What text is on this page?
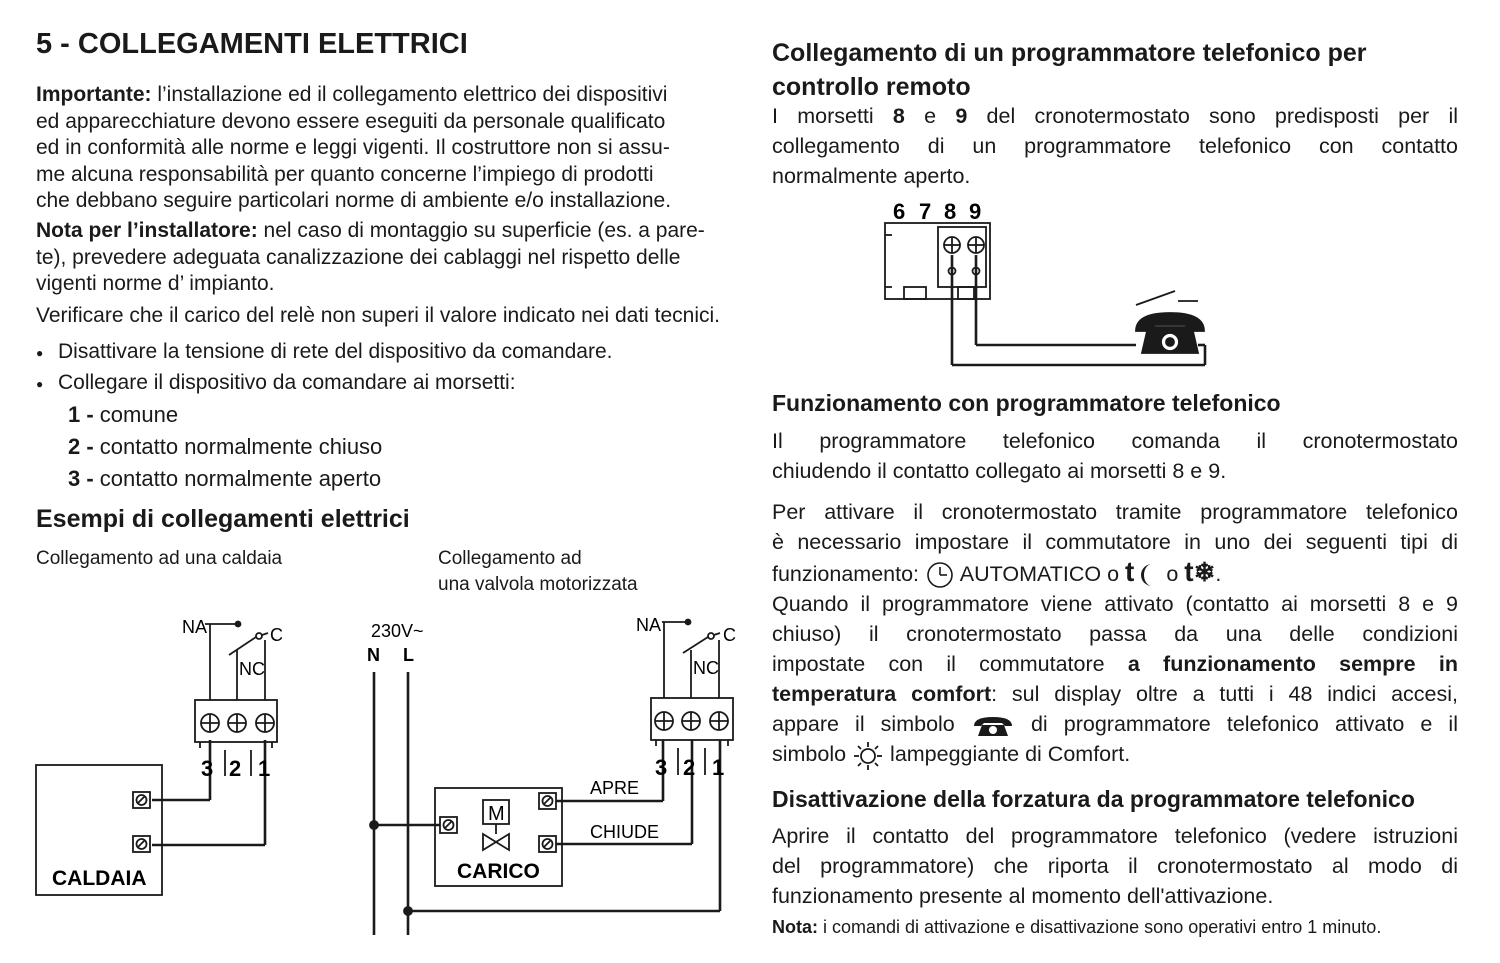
5 - COLLEGAMENTI ELETTRICI
Importante: l’installazione ed il collegamento elettrico dei dispositivi
ed apparecchiature devono essere eseguiti da personale qualificato
ed in conformità alle norme e leggi vigenti. Il costruttore non si assu-
me alcuna responsabilità per quanto concerne l’impiego di prodotti
che debbano seguire particolari norme di ambiente e/o installazione.
Nota per l’installatore: nel caso di montaggio su superficie (es. a pare-
te), prevedere adeguata canalizzazione dei cablaggi nel rispetto delle
vigenti norme d’ impianto.
Verificare che il carico del relè non superi il valore indicato nei dati tecnici.
● Disattivare la tensione di rete del dispositivo da comandare.
● Collegare il dispositivo da comandare ai morsetti:
1 - comune
2 - contatto normalmente chiuso
3 - contatto normalmente aperto
Esempi di collegamenti elettrici
Collegamento ad una caldaia	Collegamento ad
una valvola motorizzata
NA	C
NC
3 2 1
CALDAIA
230V~
N L
NA	C
NC
M
APRE
CHIUDE
CARICO
3 2 1
Collegamento di un programmatore telefonico per
controllo remoto
I morsetti 8 e 9 del cronotermostato sono predisposti per il
collegamento di un programmatore telefonico con contatto
normalmente aperto.
6 7 8 9
Funzionamento con programmatore telefonico
Il programmatore telefonico comanda il cronotermostato
chiudendo il contatto collegato ai morsetti 8 e 9.
Per attivare il cronotermostato tramite programmatore telefonico
è necessario impostare il commutatore in uno dei seguenti tipi di
funzionamento:  AUTOMATICO o t o t❄.
Quando il programmatore viene attivato (contatto ai morsetti 8 e 9
chiuso) il cronotermostato passa da una delle condizioni
impostate con il commutatore a funzionamento sempre in
temperatura comfort: sul display oltre a tutti i 48 indici accesi,
appare il simbolo  di programmatore telefonico attivato e il
simbolo  lampeggiante di Comfort.
Disattivazione della forzatura da programmatore telefonico
Aprire il contatto del programmatore telefonico (vedere istruzioni
del programmatore) che riporta il cronotermostato al modo di
funzionamento presente al momento dell'attivazione.
Nota: i comandi di attivazione e disattivazione sono operativi entro 1 minuto.
